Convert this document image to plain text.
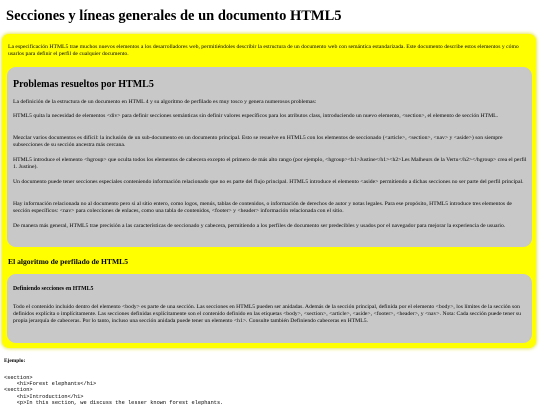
Secciones y líneas generales de un documento HTML5

La especificación HTML5 trae muchos nuevos elementos a los desarrolladores web, permitiéndoles describir la estructura de un documento web con semántica estandarizada. Este documento describe estos elementos y cómo usarlos para definir el perfil de cualquier documento.

Problemas resueltos por HTML5

La definición de la estructura de un documento en HTML 4 y su algoritmo de perfilado es muy tosco y genera numerosos problemas:

HTML5 quita la necesidad de elementos <div> para definir secciones semánticas sin definir valores específicos para los atributos class, introduciendo un nuevo elemento, <section>, el elemento de sección HTML.

Mezclar varios documentos es difícil: la inclusión de un sub-documento en un documento principal. Esto se resuelve en HTML5 con los elementos de seccionado (<article>, <section>, <nav> y <aside>) son siempre subsecciones de su sección ancestra más cercana.

HTML5 introduce el elemento <hgroup> que oculta todos los elementos de cabecera excepto el primero de más alto rango (por ejemplo, <hgroup><h1>Justine</h1><h2>Les Malheurs de la Vertu</h2></hgroup> crea el perfil 1. Justine).

Un documento puede tener secciones especiales conteniendo información relacionado que no es parte del flujo principal. HTML5 introduce el elemento <aside> permitiendo a dichas secciones no ser parte del perfil principal.

Hay información relacionada no al documento pero si al sitio entero, como logos, menús, tablas de contenidos, o información de derechos de autor y notas legales. Para ese propósito, HTML5 introduce tres elementos de sección específicos: <nav> para colecciones de enlaces, como una tabla de contenidos, <footer> y <header> información relacionada con el sitio.

De manera más general, HTML5 trae precisión a las características de seccionado y cabecera, permitiendo a los perfiles de documento ser predecibles y usados por el navegador para mejorar la experiencia de usuario.

El algoritmo de perfilado de HTML5
Definiendo secciones en HTML5

Todo el contenido incluido dentro del elemento <body> es parte de una sección. Las secciones en HTML5 pueden ser anidadas. Además de la sección principal, definida por el elemento <body>, los límites de la sección son definidos explícita o implícitamente. Las secciones definidas explícitamente son el contenido definido en las etiquetas <body>, <section>, <article>, <aside>, <footer>, <header>, y <nav>. Nota: Cada sección puede tener su propia jerarquía de cabeceras. Por lo tanto, incluso una sección anidada puede tener un elemento <h1>. Consulte también Definiendo cabeceras en HTML5.

Ejemplo:

<section>
<h1>Forest elephants</h1>
<section>
<h1>Introduction</h1>
<p>In this section, we discuss the lesser known forest elephants.
